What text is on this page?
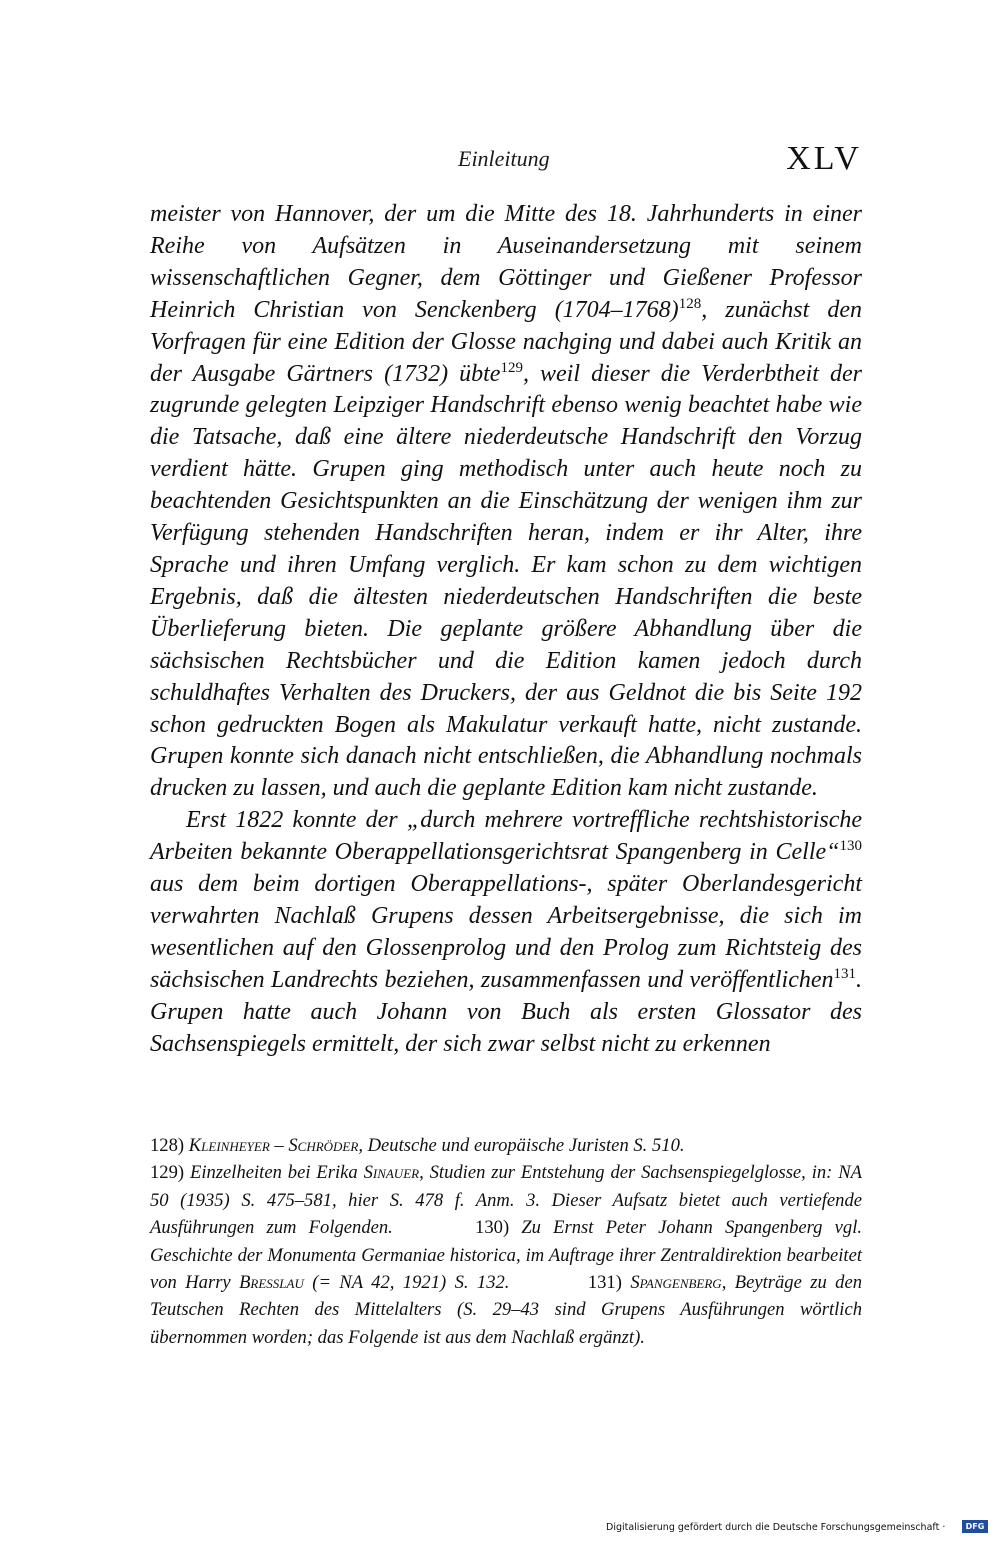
Einleitung	XLV

meister von Hannover, der um die Mitte des 18. Jahrhunderts in einer Reihe von Aufsätzen in Auseinandersetzung mit seinem wissenschaftlichen Gegner, dem Göttinger und Gießener Professor Heinrich Christian von Senckenberg (1704–1768)$^{128}$, zunächst den Vorfragen für eine Edition der Glosse nachging und dabei auch Kritik an der Ausgabe Gärtners (1732) übte$^{129}$, weil dieser die Verderbtheit der zugrunde gelegten Leipziger Handschrift ebenso wenig beachtet habe wie die Tatsache, daß eine ältere niederdeutsche Handschrift den Vorzug verdient hätte. Grupen ging methodisch unter auch heute noch zu beachtenden Gesichtspunkten an die Einschätzung der wenigen ihm zur Verfügung stehenden Handschriften heran, indem er ihr Alter, ihre Sprache und ihren Umfang verglich. Er kam schon zu dem wichtigen Ergebnis, daß die ältesten niederdeutschen Handschriften die beste Überlieferung bieten. Die geplante größere Abhandlung über die sächsischen Rechtsbücher und die Edition kamen jedoch durch schuldhaftes Verhalten des Druckers, der aus Geldnot die bis Seite 192 schon gedruckten Bogen als Makulatur verkauft hatte, nicht zustande. Grupen konnte sich danach nicht entschließen, die Abhandlung nochmals drucken zu lassen, und auch die geplante Edition kam nicht zustande.

Erst 1822 konnte der „durch mehrere vortreffliche rechtshistorische Arbeiten bekannte Oberappellationsgerichtsrat Spangenberg in Celle“$^{130}$ aus dem beim dortigen Oberappellations-, später Oberlandesgericht verwahrten Nachlaß Grupens dessen Arbeitsergebnisse, die sich im wesentlichen auf den Glossenprolog und den Prolog zum Richtsteig des sächsischen Landrechts beziehen, zusammenfassen und veröffentlichen$^{131}$. Grupen hatte auch Johann von Buch als ersten Glossator des Sachsenspiegels ermittelt, der sich zwar selbst nicht zu erkennen

128) Kleinheyer – Schröder, Deutsche und europäische Juristen S. 510.
129) Einzelheiten bei Erika Sinauer, Studien zur Entstehung der Sachsenspiegelglosse, in: NA 50 (1935) S. 475–581, hier S. 478 f. Anm. 3. Dieser Aufsatz bietet auch vertiefende Ausführungen zum Folgenden.	130) Zu Ernst Peter Johann Spangenberg vgl. Geschichte der Monumenta Germaniae historica, im Auftrage ihrer Zentraldirektion bearbeitet von Harry Bresslau (= NA 42, 1921) S. 132.	131) Spangenberg, Beyträge zu den Teutschen Rechten des Mittelalters (S. 29–43 sind Grupens Ausführungen wörtlich übernommen worden; das Folgende ist aus dem Nachlaß ergänzt).
Digitalisierung gefördert durch die Deutsche Forschungsgemeinschaft ·	DFG
